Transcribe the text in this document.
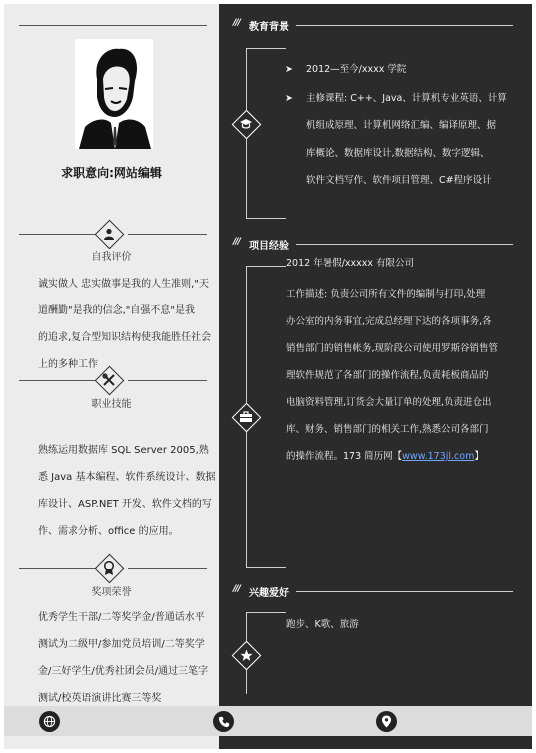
求职意向:网站编辑
自我评价
诚实做人 忠实做事是我的人生准则,"天
道酬勤"是我的信念,"自强不息"是我
的追求,复合型知识结构使我能胜任社会
上的多种工作
职业技能
熟练运用数据库 SQL Server 2005,熟
悉 Java 基本编程、软件系统设计、数据
库设计、ASP.NET 开发、软件文档的写
作、需求分析、office 的应用。
奖项荣誉
优秀学生干部/二等奖学金/普通话水平
测试为二级甲/参加党员培训/二等奖学
金/三好学生/优秀社团会员/通过三笔字
测试/校英语演讲比赛三等奖
/// 教育背景
➤ 2012—至今/xxxx 学院
➤ 主修课程: C++、Java、计算机专业英语、计算
机组成原理、计算机网络汇编、编译原理、据
库概论、数据库设计,数据结构、数字逻辑、
软件文档写作、软件项目管理、C#程序设计
/// 项目经验
2012 年暑假/xxxxx 有限公司
工作描述: 负责公司所有文件的编制与打印,处理
办公室的内务事宜,完成总经理下达的各项事务,各
销售部门的销售帐务,现阶段公司使用罗斯谷销售管
理软件规范了各部门的操作流程,负责耗板商品的
电脑资料管理,订货会大量订单的处理,负责进仓出
库、财务、销售部门的相关工作,熟悉公司各部门
的操作流程。173 简历网【www.173jl.com】
/// 兴趣爱好
跑步、K歌、旅游
